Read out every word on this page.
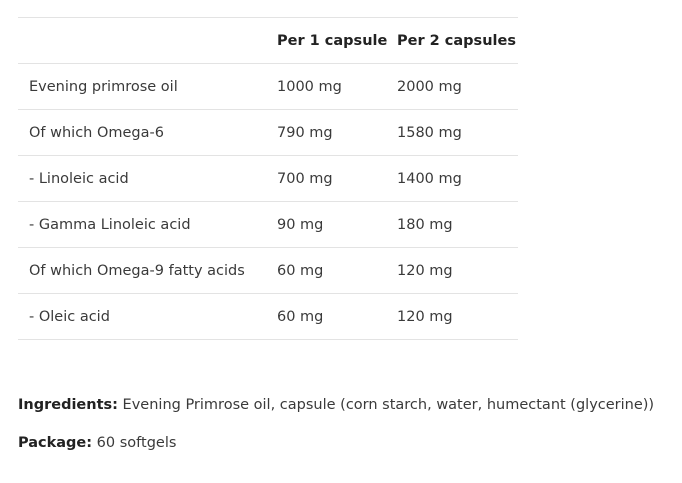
	Per 1 capsule	Per 2 capsules
Evening primrose oil	1000 mg	2000 mg
Of which Omega-6	790 mg	1580 mg
- Linoleic acid	700 mg	1400 mg
- Gamma Linoleic acid	90 mg	180 mg
Of which Omega-9 fatty acids	60 mg	120 mg
- Oleic acid	60 mg	120 mg
Ingredients: Evening Primrose oil, capsule (corn starch, water, humectant (glycerine))
Package: 60 softgels
